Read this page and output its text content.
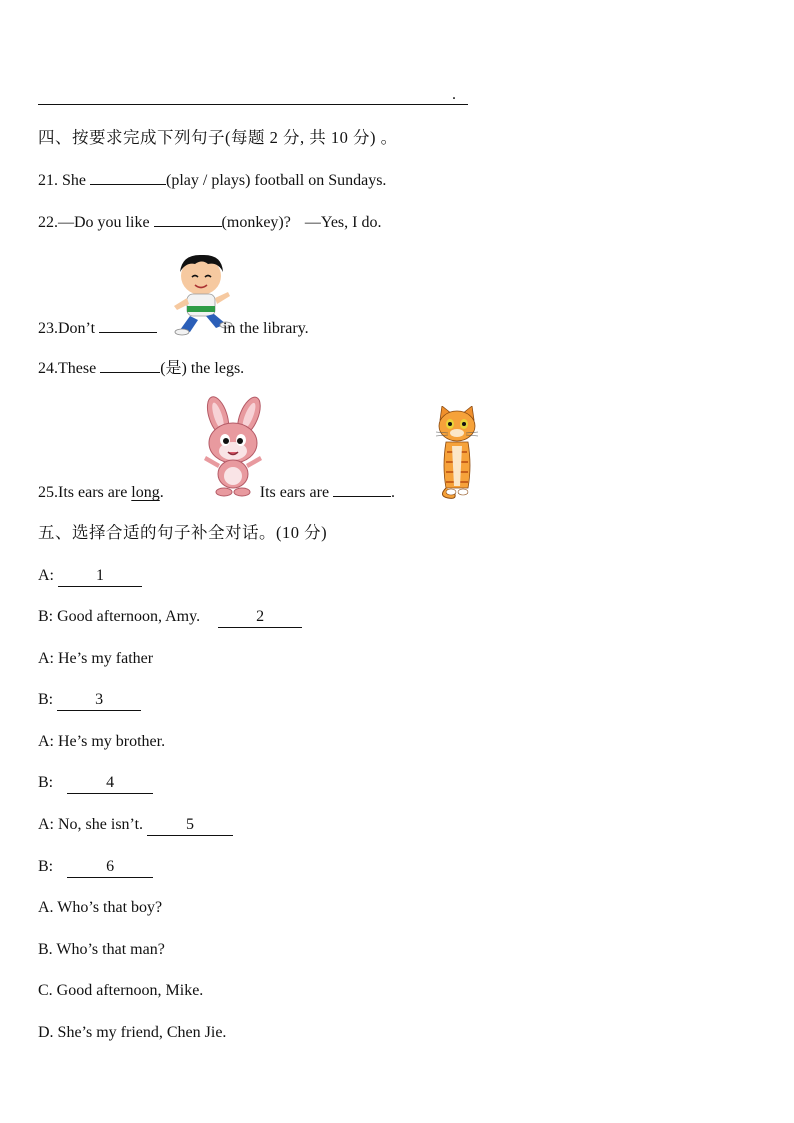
.
四、按要求完成下列句子(每题 2 分, 共 10 分) 。
21. She	(play / plays) football on Sundays.
22.—Do you like	(monkey)? —Yes, I do.
23.Don’t	in the library.
24.These	(是) the legs.
25.Its ears are long.	Its ears are	.
五、选择合适的句子补全对话。(10 分)
A: 1
B: Good afternoon, Amy.	2
A: He’s my father
B: 3
A: He’s my brother.
B:	4
A: No, she isn’t.	5
B:	6
A. Who’s that boy?
B. Who’s that man?
C. Good afternoon, Mike.
D. She’s my friend, Chen Jie.
